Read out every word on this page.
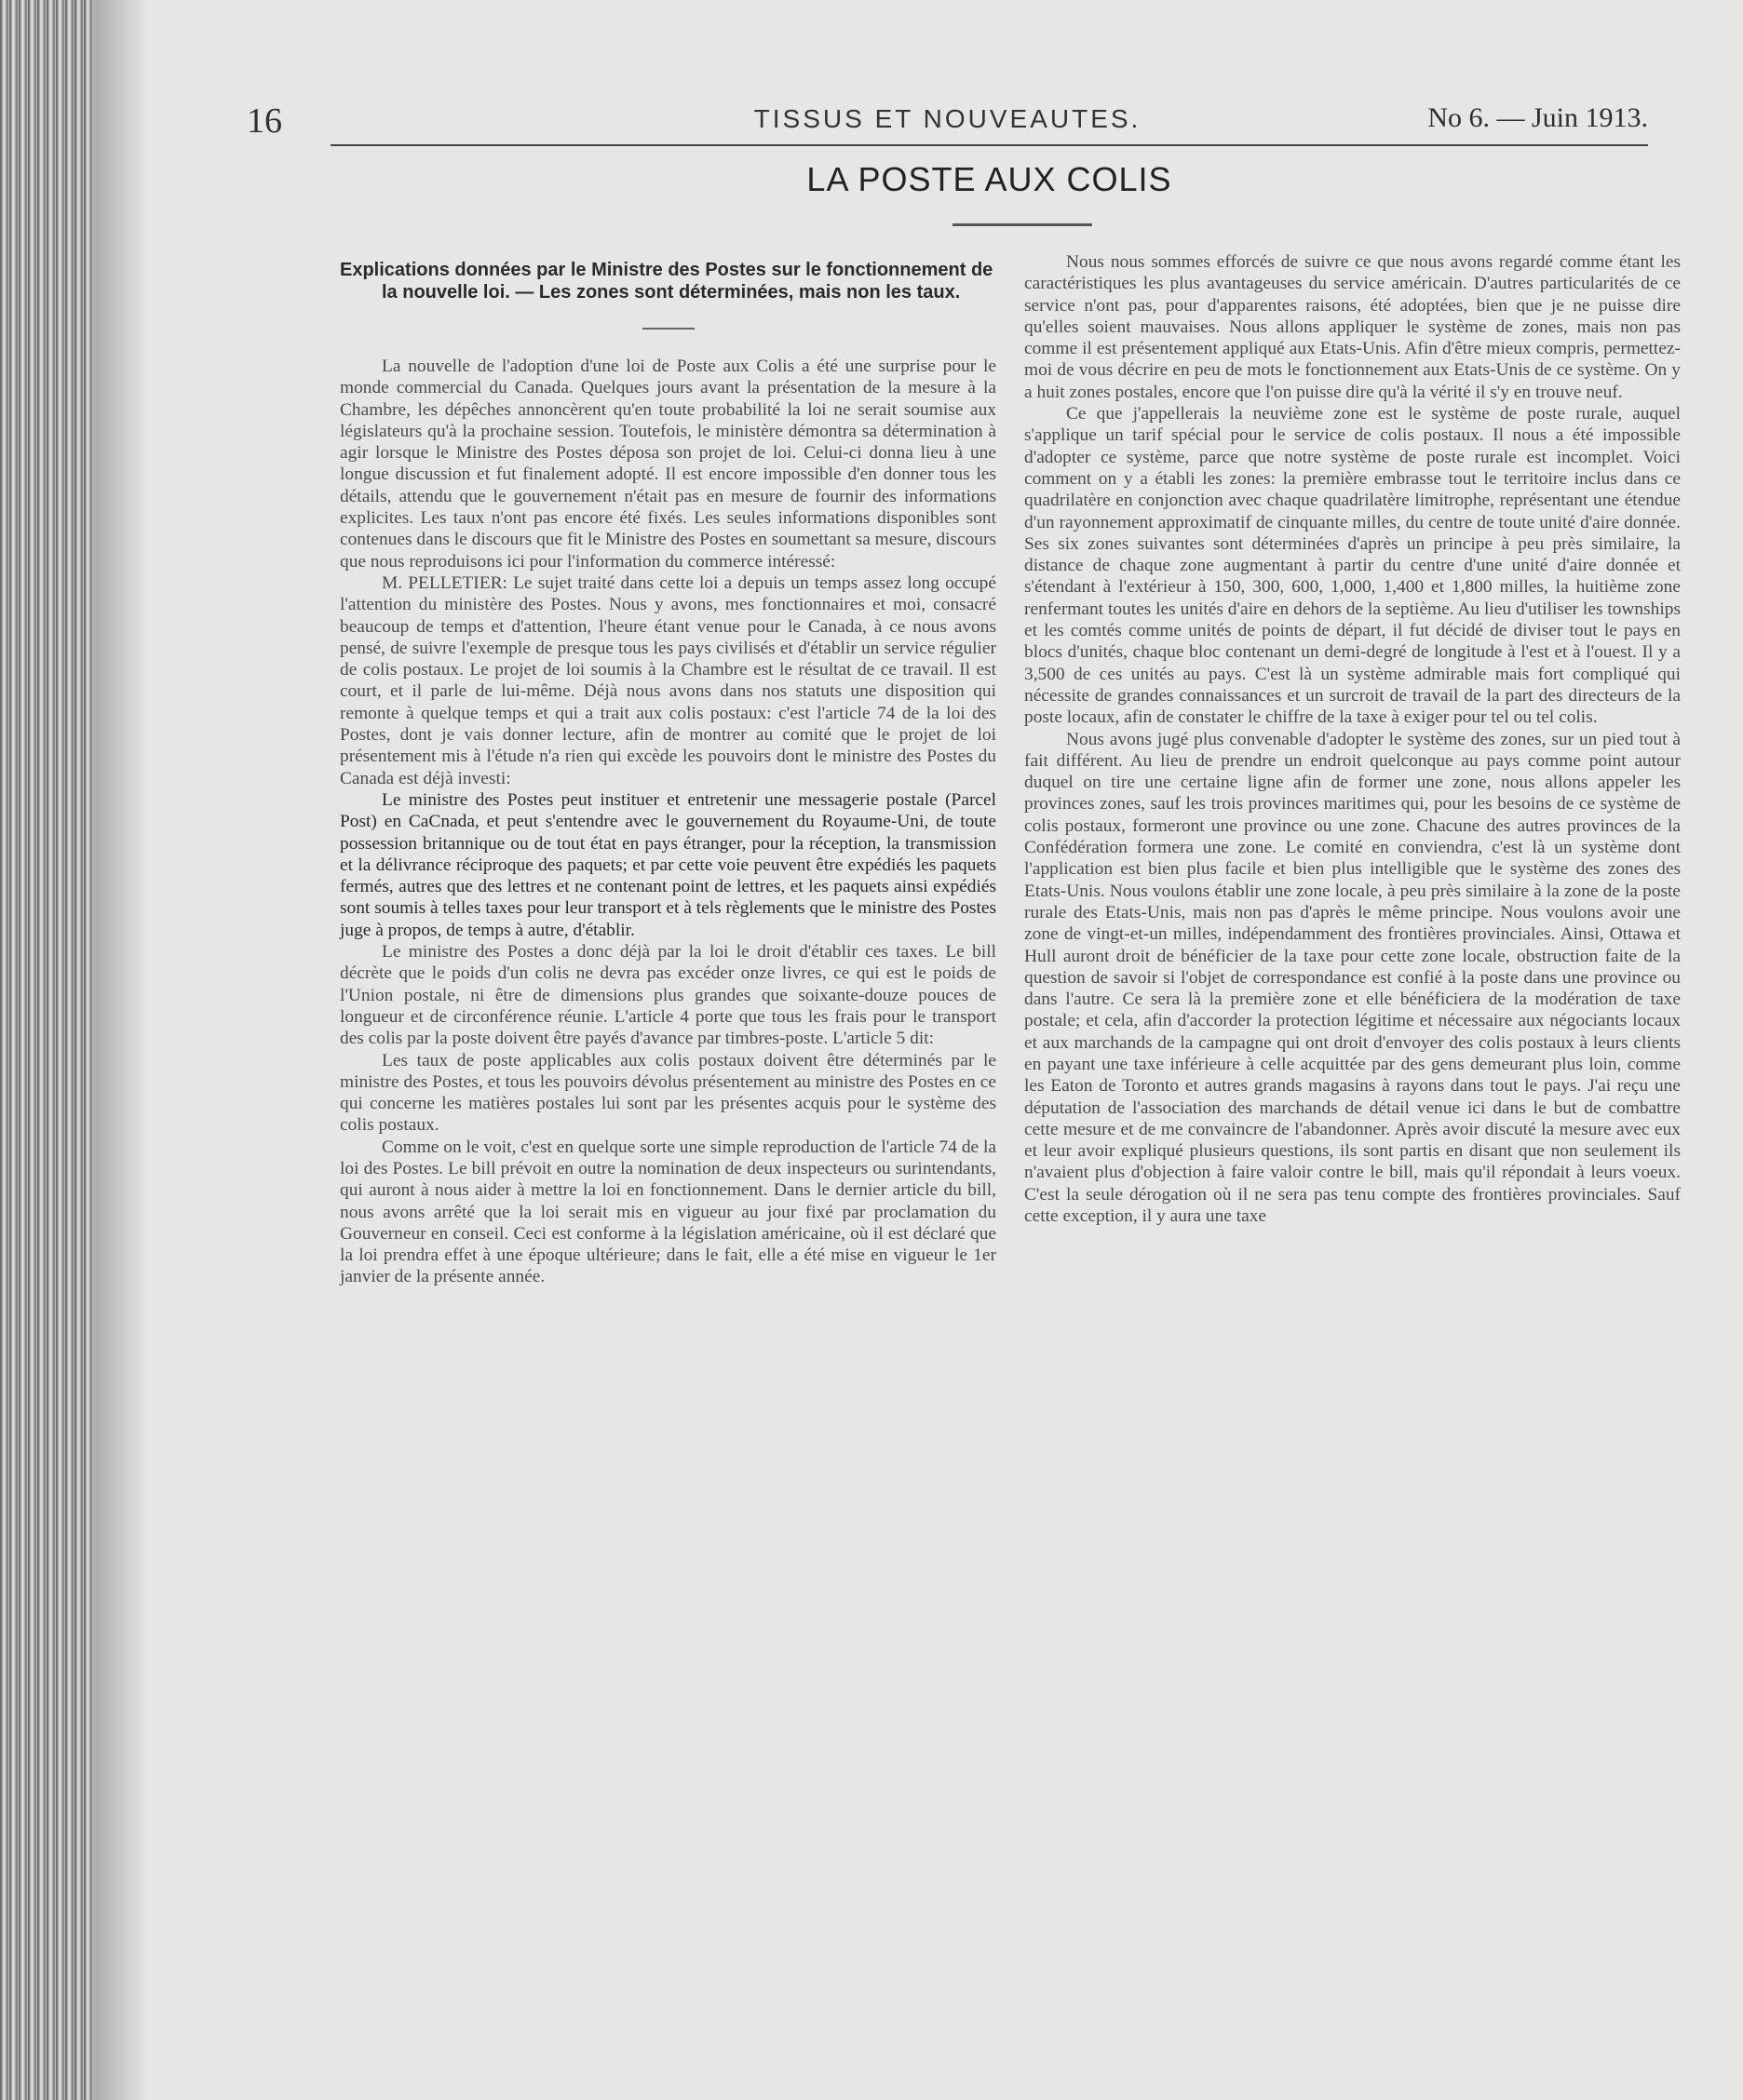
16	TISSUS ET NOUVEAUTES.	No 6. — Juin 1913.
LA POSTE AUX COLIS
Explications données par le Ministre des Postes sur le fonctionnement de la nouvelle loi. — Les zones sont déterminées, mais non les taux.

La nouvelle de l'adoption d'une loi de Poste aux Colis a été une surprise pour le monde commercial du Canada. Quelques jours avant la présentation de la mesure à la Chambre, les dépêches annoncèrent qu'en toute probabilité la loi ne serait soumise aux législateurs qu'à la prochaine session. Toutefois, le ministère démontra sa détermination à agir lorsque le Ministre des Postes déposa son projet de loi. Celui-ci donna lieu à une longue discussion et fut finalement adopté. Il est encore impossible d'en donner tous les détails, attendu que le gouvernement n'était pas en mesure de fournir des informations explicites. Les taux n'ont pas encore été fixés. Les seules informations disponibles sont contenues dans le discours que fit le Ministre des Postes en soumettant sa mesure, discours que nous reproduisons ici pour l'information du commerce intéressé:

M. PELLETIER: Le sujet traité dans cette loi a depuis un temps assez long occupé l'attention du ministère des Postes. Nous y avons, mes fonctionnaires et moi, consacré beaucoup de temps et d'attention, l'heure étant venue pour le Canada, à ce nous avons pensé, de suivre l'exemple de presque tous les pays civilisés et d'établir un service régulier de colis postaux. Le projet de loi soumis à la Chambre est le résultat de ce travail. Il est court, et il parle de lui-même. Déjà nous avons dans nos statuts une disposition qui remonte à quelque temps et qui a trait aux colis postaux: c'est l'article 74 de la loi des Postes, dont je vais donner lecture, afin de montrer au comité que le projet de loi présentement mis à l'étude n'a rien qui excède les pouvoirs dont le ministre des Postes du Canada est déjà investi:

Le ministre des Postes peut instituer et entretenir une messagerie postale (Parcel Post) en CaCnada, et peut s'entendre avec le gouvernement du Royaume-Uni, de toute possession britannique ou de tout état en pays étranger, pour la réception, la transmission et la délivrance réciproque des paquets; et par cette voie peuvent être expédiés les paquets fermés, autres que des lettres et ne contenant point de lettres, et les paquets ainsi expédiés sont soumis à telles taxes pour leur transport et à tels règlements que le ministre des Postes juge à propos, de temps à autre, d'établir.

Le ministre des Postes a donc déjà par la loi le droit d'établir ces taxes. Le bill décrète que le poids d'un colis ne devra pas excéder onze livres, ce qui est le poids de l'Union postale, ni être de dimensions plus grandes que soixante-douze pouces de longueur et de circonférence réunie. L'article 4 porte que tous les frais pour le transport des colis par la poste doivent être payés d'avance par timbres-poste. L'article 5 dit:

Les taux de poste applicables aux colis postaux doivent être déterminés par le ministre des Postes, et tous les pouvoirs dévolus présentement au ministre des Postes en ce qui concerne les matières postales lui sont par les présentes acquis pour le système des colis postaux.

Comme on le voit, c'est en quelque sorte une simple reproduction de l'article 74 de la loi des Postes. Le bill prévoit en outre la nomination de deux inspecteurs ou surintendants, qui auront à nous aider à mettre la loi en fonctionnement. Dans le dernier article du bill, nous avons arrêté que la loi serait mis en vigueur au jour fixé par proclamation du Gouverneur en conseil. Ceci est conforme à la législation américaine, où il est déclaré que la loi prendra effet à une époque ultérieure; dans le fait, elle a été mise en vigueur le 1er janvier de la présente année.

Nous nous sommes efforcés de suivre ce que nous avons regardé comme étant les caractéristiques les plus avantageuses du service américain. D'autres particularités de ce service n'ont pas, pour d'apparentes raisons, été adoptées, bien que je ne puisse dire qu'elles soient mauvaises. Nous allons appliquer le système de zones, mais non pas comme il est présentement appliqué aux Etats-Unis. Afin d'être mieux compris, permettez-moi de vous décrire en peu de mots le fonctionnement aux Etats-Unis de ce système. On y a huit zones postales, encore que l'on puisse dire qu'à la vérité il s'y en trouve neuf.

Ce que j'appellerais la neuvième zone est le système de poste rurale, auquel s'applique un tarif spécial pour le service de colis postaux. Il nous a été impossible d'adopter ce système, parce que notre système de poste rurale est incomplet. Voici comment on y a établi les zones: la première embrasse tout le territoire inclus dans ce quadrilatère en conjonction avec chaque quadrilatère limitrophe, représentant une étendue d'un rayonnement approximatif de cinquante milles, du centre de toute unité d'aire donnée. Ses six zones suivantes sont déterminées d'après un principe à peu près similaire, la distance de chaque zone augmentant à partir du centre d'une unité d'aire donnée et s'étendant à l'extérieur à 150, 300, 600, 1,000, 1,400 et 1,800 milles, la huitième zone renfermant toutes les unités d'aire en dehors de la septième. Au lieu d'utiliser les townships et les comtés comme unités de points de départ, il fut décidé de diviser tout le pays en blocs d'unités, chaque bloc contenant un demi-degré de longitude à l'est et à l'ouest. Il y a 3,500 de ces unités au pays. C'est là un système admirable mais fort compliqué qui nécessite de grandes connaissances et un surcroit de travail de la part des directeurs de la poste locaux, afin de constater le chiffre de la taxe à exiger pour tel ou tel colis.

Nous avons jugé plus convenable d'adopter le système des zones, sur un pied tout à fait différent. Au lieu de prendre un endroit quelconque au pays comme point autour duquel on tire une certaine ligne afin de former une zone, nous allons appeler les provinces zones, sauf les trois provinces maritimes qui, pour les besoins de ce système de colis postaux, formeront une province ou une zone. Chacune des autres provinces de la Confédération formera une zone. Le comité en conviendra, c'est là un système dont l'application est bien plus facile et bien plus intelligible que le système des zones des Etats-Unis. Nous voulons établir une zone locale, à peu près similaire à la zone de la poste rurale des Etats-Unis, mais non pas d'après le même principe. Nous voulons avoir une zone de vingt-et-un milles, indépendamment des frontières provinciales. Ainsi, Ottawa et Hull auront droit de bénéficier de la taxe pour cette zone locale, obstruction faite de la question de savoir si l'objet de correspondance est confié à la poste dans une province ou dans l'autre. Ce sera là la première zone et elle bénéficiera de la modération de taxe postale; et cela, afin d'accorder la protection légitime et nécessaire aux négociants locaux et aux marchands de la campagne qui ont droit d'envoyer des colis postaux à leurs clients en payant une taxe inférieure à celle acquittée par des gens demeurant plus loin, comme les Eaton de Toronto et autres grands magasins à rayons dans tout le pays. J'ai reçu une députation de l'association des marchands de détail venue ici dans le but de combattre cette mesure et de me convaincre de l'abandonner. Après avoir discuté la mesure avec eux et leur avoir expliqué plusieurs questions, ils sont partis en disant que non seulement ils n'avaient plus d'objection à faire valoir contre le bill, mais qu'il répondait à leurs voeux. C'est la seule dérogation où il ne sera pas tenu compte des frontières provinciales. Sauf cette exception, il y aura une taxe
